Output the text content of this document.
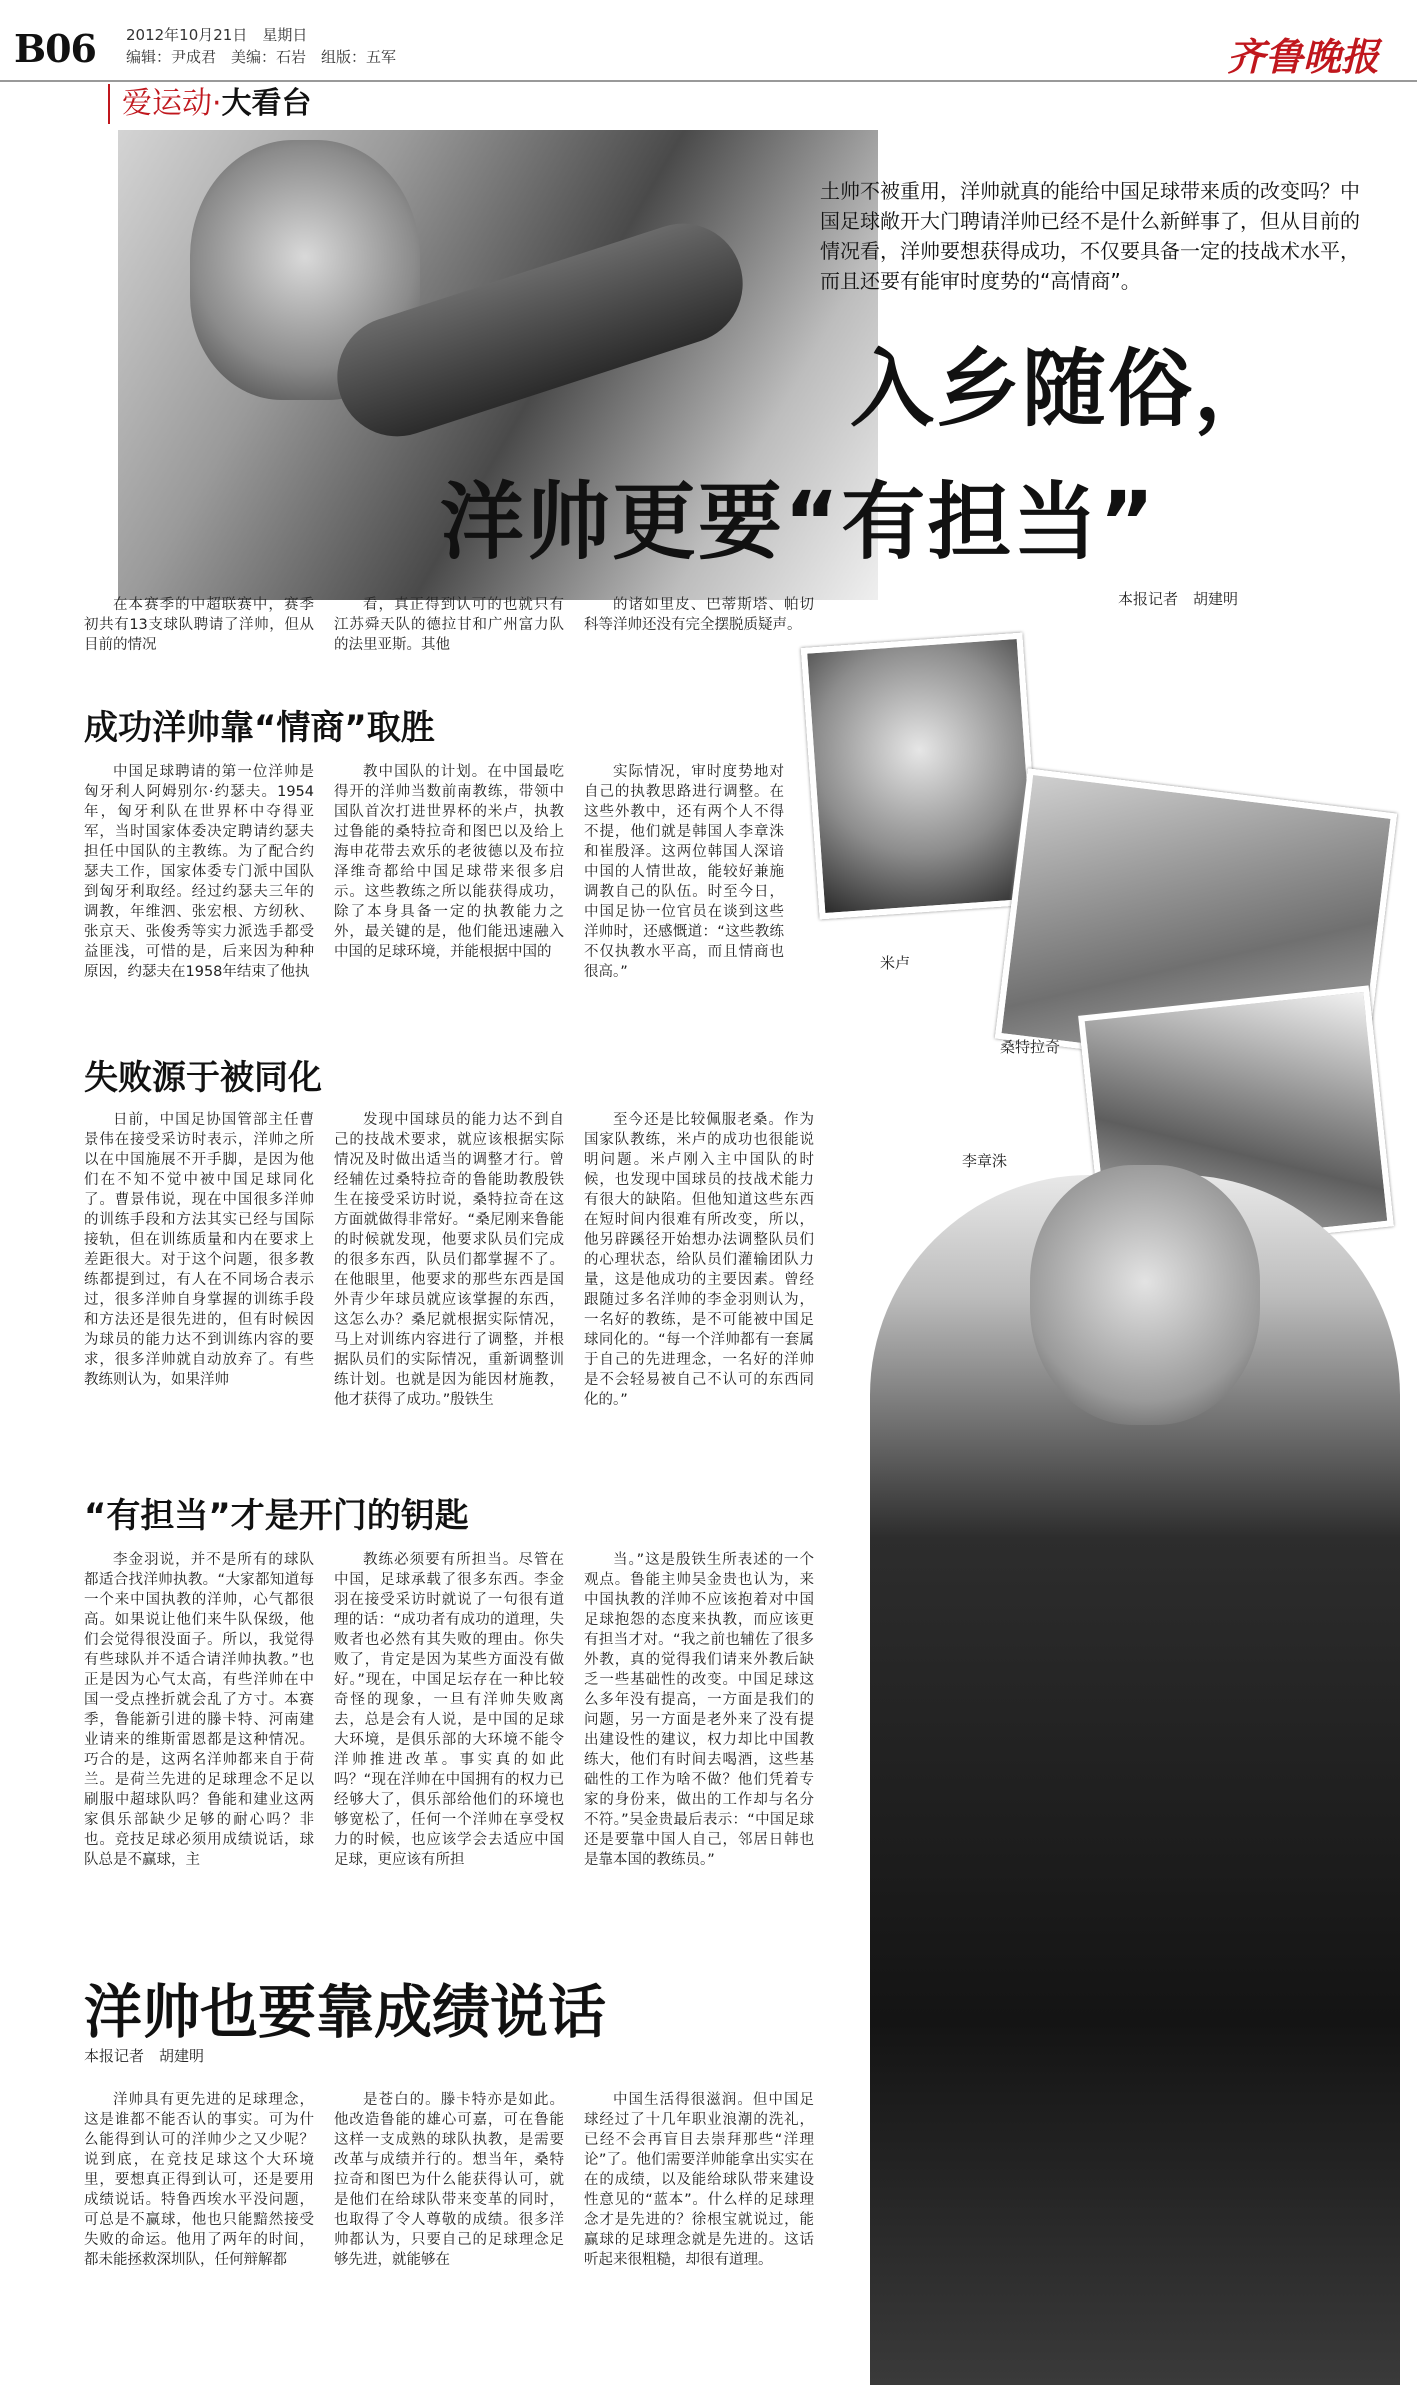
B06 2012年10月21日　星期日
编辑：尹成君　美编：石岩　组版：五军	齐鲁晚报
爱运动·大看台
土帅不被重用，洋帅就真的能给中国足球带来质的改变吗？中国足球敞开大门聘请洋帅已经不是什么新鲜事了，但从目前的情况看，洋帅要想获得成功，不仅要具备一定的技战术水平，而且还要有能审时度势的“高情商”。
入乡随俗，
洋帅更要“有担当”
本报记者　胡建明
在本赛季的中超联赛中，赛季初共有13支球队聘请了洋帅，但从目前的情况
看，真正得到认可的也就只有江苏舜天队的德拉甘和广州富力队的法里亚斯。其他
的诸如里皮、巴蒂斯塔、帕切科等洋帅还没有完全摆脱质疑声。
成功洋帅靠“情商”取胜
中国足球聘请的第一位洋帅是匈牙利人阿姆别尔·约瑟夫。1954年，匈牙利队在世界杯中夺得亚军，当时国家体委决定聘请约瑟夫担任中国队的主教练。为了配合约瑟夫工作，国家体委专门派中国队到匈牙利取经。经过约瑟夫三年的调教，年维泗、张宏根、方纫秋、张京天、张俊秀等实力派选手都受益匪浅，可惜的是，后来因为种种原因，约瑟夫在1958年结束了他执
教中国队的计划。在中国最吃得开的洋帅当数前南教练，带领中国队首次打进世界杯的米卢，执教过鲁能的桑特拉奇和图巴以及给上海申花带去欢乐的老彼德以及布拉泽维奇都给中国足球带来很多启示。这些教练之所以能获得成功，除了本身具备一定的执教能力之外，最关键的是，他们能迅速融入中国的足球环境，并能根据中国的
实际情况，审时度势地对自己的执教思路进行调整。在这些外教中，还有两个人不得不提，他们就是韩国人李章洙和崔殷泽。这两位韩国人深谙中国的人情世故，能较好兼施调教自己的队伍。时至今日，中国足协一位官员在谈到这些洋帅时，还感慨道：“这些教练不仅执教水平高，而且情商也很高。”	米卢
桑特拉奇
李章洙
失败源于被同化
日前，中国足协国管部主任曹景伟在接受采访时表示，洋帅之所以在中国施展不开手脚，是因为他们在不知不觉中被中国足球同化了。曹景伟说，现在中国很多洋帅的训练手段和方法其实已经与国际接轨，但在训练质量和内在要求上差距很大。对于这个问题，很多教练都提到过，有人在不同场合表示过，很多洋帅自身掌握的训练手段和方法还是很先进的，但有时候因为球员的能力达不到训练内容的要求，很多洋帅就自动放弃了。有些教练则认为，如果洋帅
发现中国球员的能力达不到自己的技战术要求，就应该根据实际情况及时做出适当的调整才行。曾经辅佐过桑特拉奇的鲁能助教殷铁生在接受采访时说，桑特拉奇在这方面就做得非常好。“桑尼刚来鲁能的时候就发现，他要求队员们完成的很多东西，队员们都掌握不了。在他眼里，他要求的那些东西是国外青少年球员就应该掌握的东西，这怎么办？桑尼就根据实际情况，马上对训练内容进行了调整，并根据队员们的实际情况，重新调整训练计划。也就是因为能因材施教，他才获得了成功。”殷铁生
至今还是比较佩服老桑。作为国家队教练，米卢的成功也很能说明问题。米卢刚入主中国队的时候，也发现中国球员的技战术能力有很大的缺陷。但他知道这些东西在短时间内很难有所改变，所以，他另辟蹊径开始想办法调整队员们的心理状态，给队员们灌输团队力量，这是他成功的主要因素。曾经跟随过多名洋帅的李金羽则认为，一名好的教练，是不可能被中国足球同化的。“每一个洋帅都有一套属于自己的先进理念，一名好的洋帅是不会轻易被自己不认可的东西同化的。”
“有担当”才是开门的钥匙
李金羽说，并不是所有的球队都适合找洋帅执教。“大家都知道每一个来中国执教的洋帅，心气都很高。如果说让他们来牛队保级，他们会觉得很没面子。所以，我觉得有些球队并不适合请洋帅执教。”也正是因为心气太高，有些洋帅在中国一受点挫折就会乱了方寸。本赛季，鲁能新引进的滕卡特、河南建业请来的维斯雷恩都是这种情况。巧合的是，这两名洋帅都来自于荷兰。是荷兰先进的足球理念不足以刷服中超球队吗？鲁能和建业这两家俱乐部缺少足够的耐心吗？非也。竞技足球必须用成绩说话，球队总是不赢球，主
教练必须要有所担当。尽管在中国，足球承载了很多东西。李金羽在接受采访时就说了一句很有道理的话：“成功者有成功的道理，失败者也必然有其失败的理由。你失败了，肯定是因为某些方面没有做好。”现在，中国足坛存在一种比较奇怪的现象，一旦有洋帅失败离去，总是会有人说，是中国的足球大环境，是俱乐部的大环境不能令洋帅推进改革。事实真的如此吗？“现在洋帅在中国拥有的权力已经够大了，俱乐部给他们的环境也够宽松了，任何一个洋帅在享受权力的时候，也应该学会去适应中国足球，更应该有所担
当。”这是殷铁生所表述的一个观点。鲁能主帅吴金贵也认为，来中国执教的洋帅不应该抱着对中国足球抱怨的态度来执教，而应该更有担当才对。“我之前也辅佐了很多外教，真的觉得我们请来外教后缺乏一些基础性的改变。中国足球这么多年没有提高，一方面是我们的问题，另一方面是老外来了没有提出建设性的建议，权力却比中国教练大，他们有时间去喝酒，这些基础性的工作为啥不做？他们凭着专家的身份来，做出的工作却与名分不符。”吴金贵最后表示：“中国足球还是要靠中国人自己，邻居日韩也是靠本国的教练员。”
洋帅也要靠成绩说话
本报记者　胡建明
洋帅具有更先进的足球理念，这是谁都不能否认的事实。可为什么能得到认可的洋帅少之又少呢？说到底，在竞技足球这个大环境里，要想真正得到认可，还是要用成绩说话。特鲁西埃水平没问题，可总是不赢球，他也只能黯然接受失败的命运。他用了两年的时间，都未能拯救深圳队，任何辩解都
是苍白的。滕卡特亦是如此。他改造鲁能的雄心可嘉，可在鲁能这样一支成熟的球队执教，是需要改革与成绩并行的。想当年，桑特拉奇和图巴为什么能获得认可，就是他们在给球队带来变革的同时，也取得了令人尊敬的成绩。很多洋帅都认为，只要自己的足球理念足够先进，就能够在
中国生活得很滋润。但中国足球经过了十几年职业浪潮的洗礼，已经不会再盲目去崇拜那些“洋理论”了。他们需要洋帅能拿出实实在在的成绩，以及能给球队带来建设性意见的“蓝本”。什么样的足球理念才是先进的？徐根宝就说过，能赢球的足球理念就是先进的。这话听起来很粗糙，却很有道理。
